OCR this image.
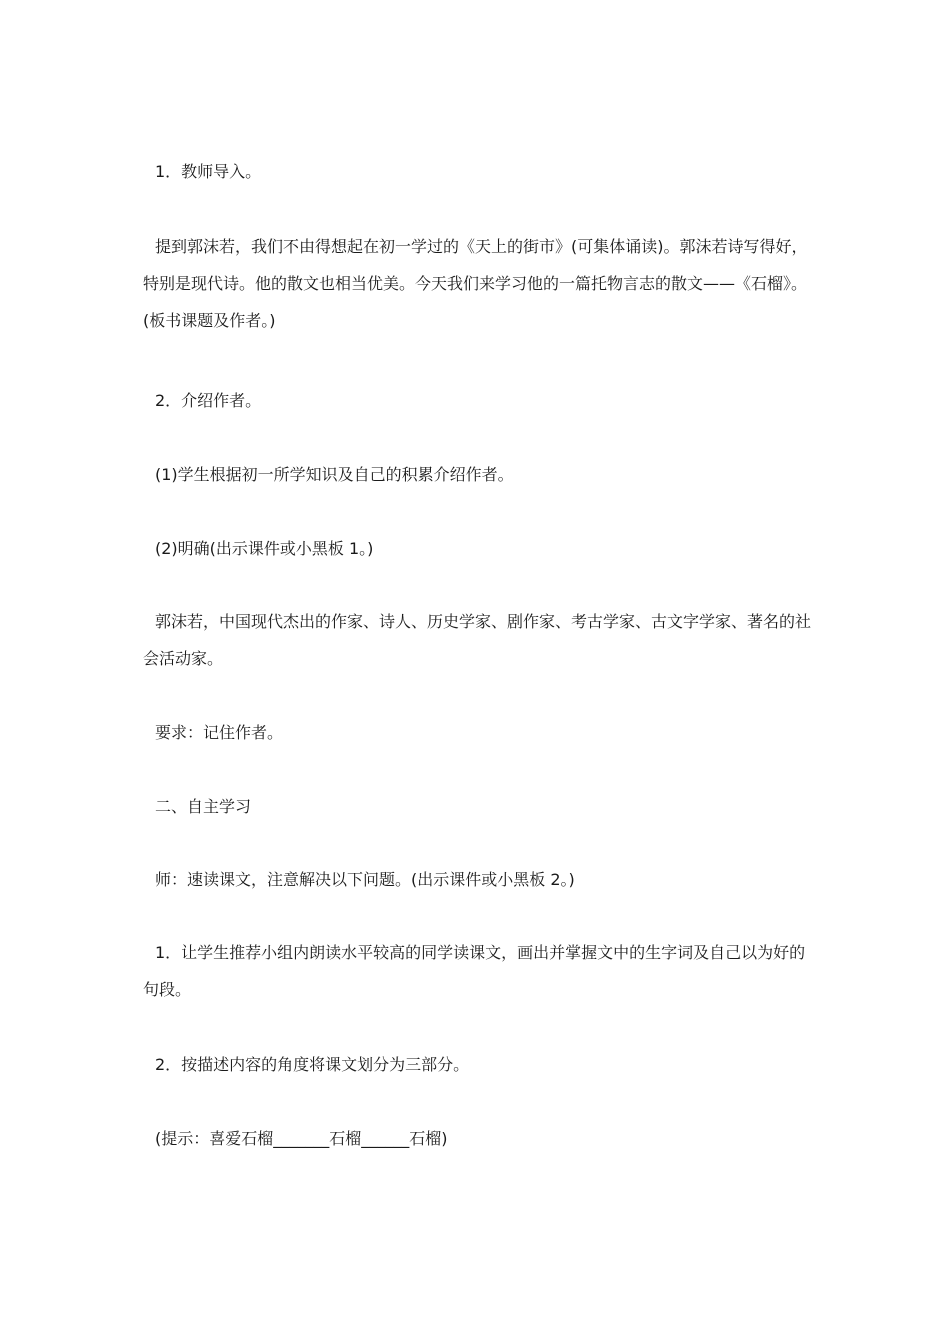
1．教师导入。

提到郭沫若，我们不由得想起在初一学过的《天上的街市》(可集体诵读)。郭沫若诗写得好，特别是现代诗。他的散文也相当优美。今天我们来学习他的一篇托物言志的散文——《石榴》。(板书课题及作者。)

2．介绍作者。

(1)学生根据初一所学知识及自己的积累介绍作者。

(2)明确(出示课件或小黑板 1。)

郭沫若，中国现代杰出的作家、诗人、历史学家、剧作家、考古学家、古文字学家、著名的社会活动家。

要求：记住作者。

二、自主学习

师：速读课文，注意解决以下问题。(出示课件或小黑板 2。)

1．让学生推荐小组内朗读水平较高的同学读课文，画出并掌握文中的生字词及自己以为好的句段。

2．按描述内容的角度将课文划分为三部分。

(提示：喜爱石榴_______石榴______石榴)
